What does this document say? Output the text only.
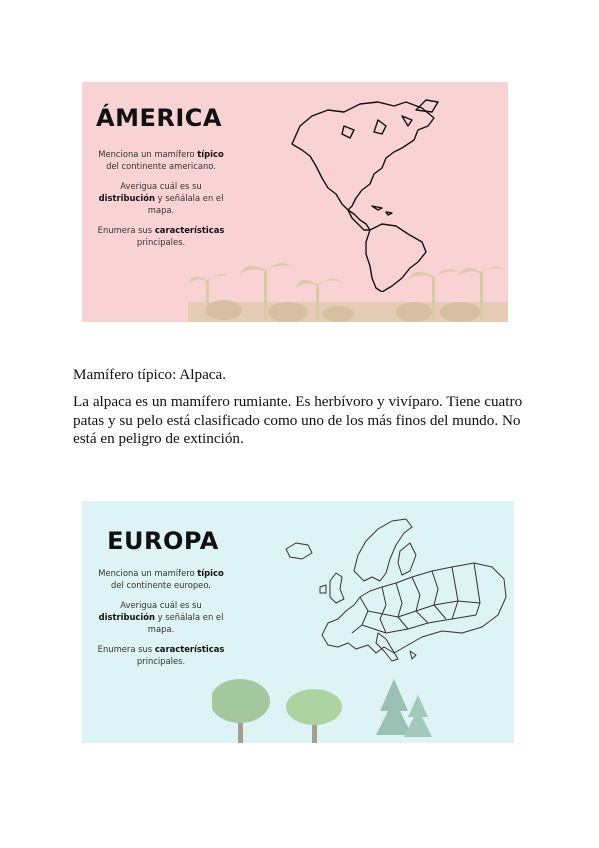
ÁMERICA

Menciona un mamífero típico del continente americano.

Averigua cuál es su distribución y señálala en el mapa.

Enumera sus características principales.

Mamífero típico: Alpaca.

La alpaca es un mamífero rumiante. Es herbívoro y vivíparo. Tiene cuatro patas y su pelo está clasificado como uno de los más finos del mundo. No está en peligro de extinción.

EUROPA

Menciona un mamífero típico del continente europeo.

Averigua cuál es su distribución y señálala en el mapa.

Enumera sus características principales.
